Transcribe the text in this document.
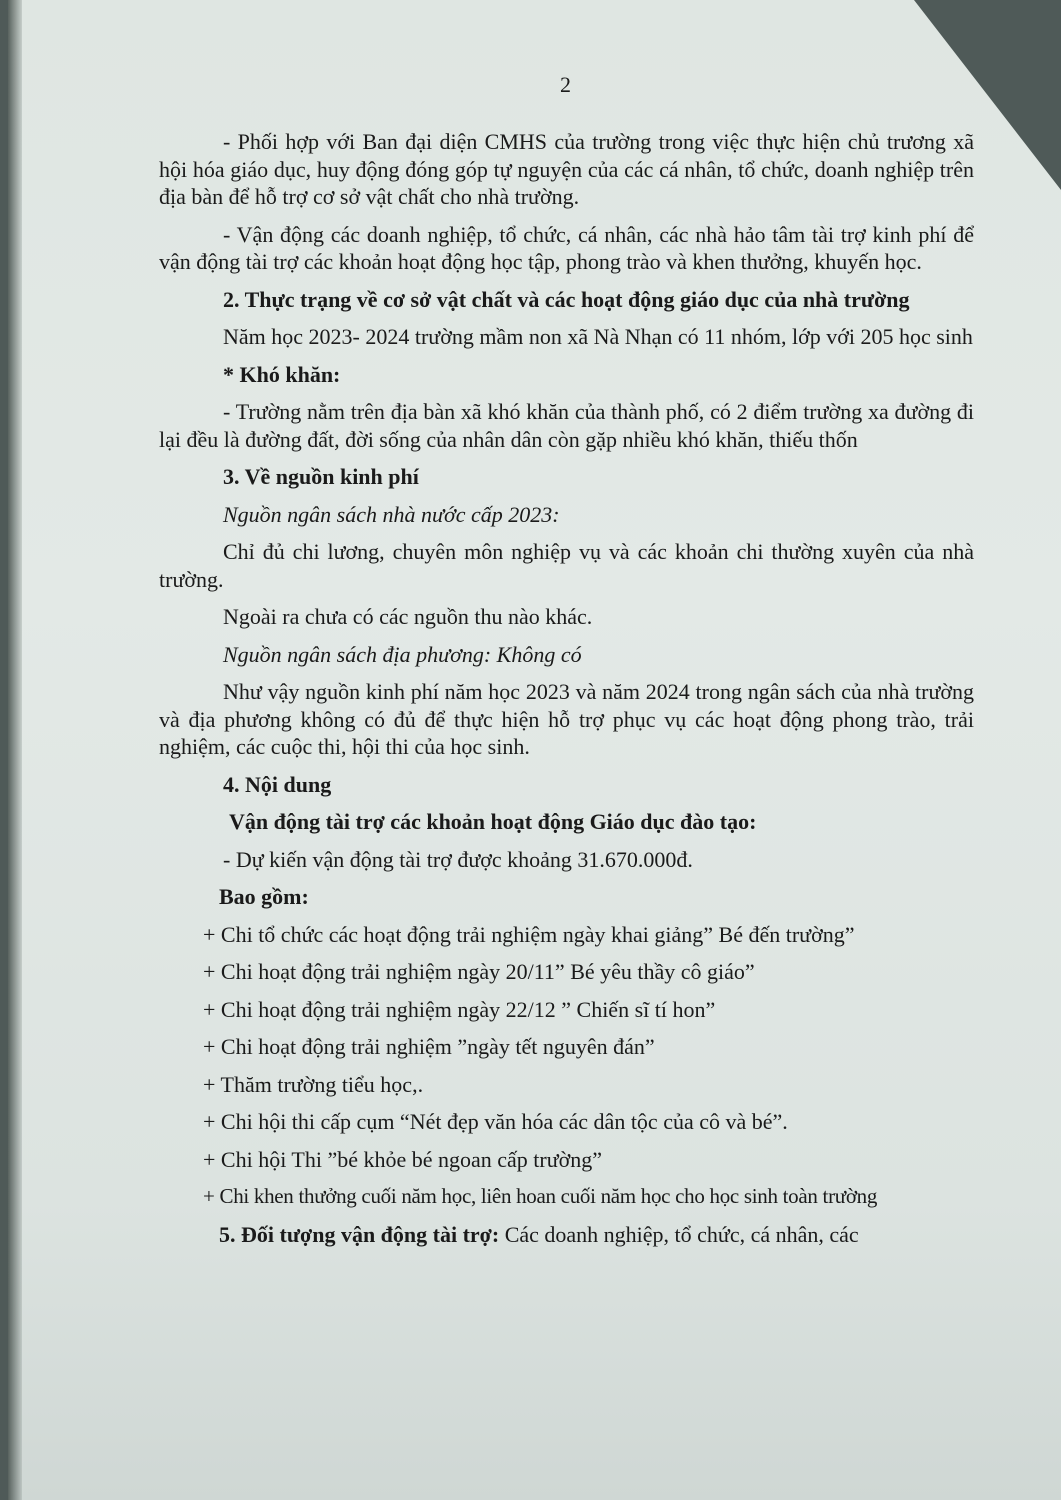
2

- Phối hợp với Ban đại diện CMHS của trường trong việc thực hiện chủ trương xã hội hóa giáo dục, huy động đóng góp tự nguyện của các cá nhân, tổ chức, doanh nghiệp trên địa bàn để hỗ trợ cơ sở vật chất cho nhà trường.

- Vận động các doanh nghiệp, tổ chức, cá nhân, các nhà hảo tâm tài trợ kinh phí để vận động tài trợ các khoản hoạt động học tập, phong trào và khen thưởng, khuyến học.

2. Thực trạng về cơ sở vật chất và các hoạt động giáo dục của nhà trường

Năm học 2023- 2024 trường mầm non xã Nà Nhạn có 11 nhóm, lớp với 205 học sinh

* Khó khăn:

- Trường nằm trên địa bàn xã khó khăn của thành phố, có 2 điểm trường xa đường đi lại đều là đường đất, đời sống của nhân dân còn gặp nhiều khó khăn, thiếu thốn

3. Về nguồn kinh phí

Nguồn ngân sách nhà nước cấp 2023:

Chỉ đủ chi lương, chuyên môn nghiệp vụ và các khoản chi thường xuyên của nhà trường.

Ngoài ra chưa có các nguồn thu nào khác.

Nguồn ngân sách địa phương: Không có

Như vậy nguồn kinh phí năm học 2023 và năm 2024 trong ngân sách của nhà trường và địa phương không có đủ để thực hiện hỗ trợ phục vụ các hoạt động phong trào, trải nghiệm, các cuộc thi, hội thi của học sinh.

4. Nội dung

Vận động tài trợ các khoản hoạt động Giáo dục đào tạo:

- Dự kiến vận động tài trợ được khoảng 31.670.000đ.

Bao gồm:

+ Chi tổ chức các hoạt động trải nghiệm ngày khai giảng” Bé đến trường”

+ Chi hoạt động trải nghiệm ngày 20/11” Bé yêu thầy cô giáo”

+ Chi hoạt động trải nghiệm ngày 22/12 ” Chiến sĩ tí hon”

+ Chi hoạt động trải nghiệm ”ngày tết nguyên đán”

+ Thăm trường tiểu học,.

+ Chi hội thi cấp cụm “Nét đẹp văn hóa các dân tộc của cô và bé”.

+ Chi hội Thi ”bé khỏe bé ngoan cấp trường”

+ Chi khen thưởng cuối năm học, liên hoan cuối năm học cho học sinh toàn trường

5. Đối tượng vận động tài trợ: Các doanh nghiệp, tổ chức, cá nhân, các
